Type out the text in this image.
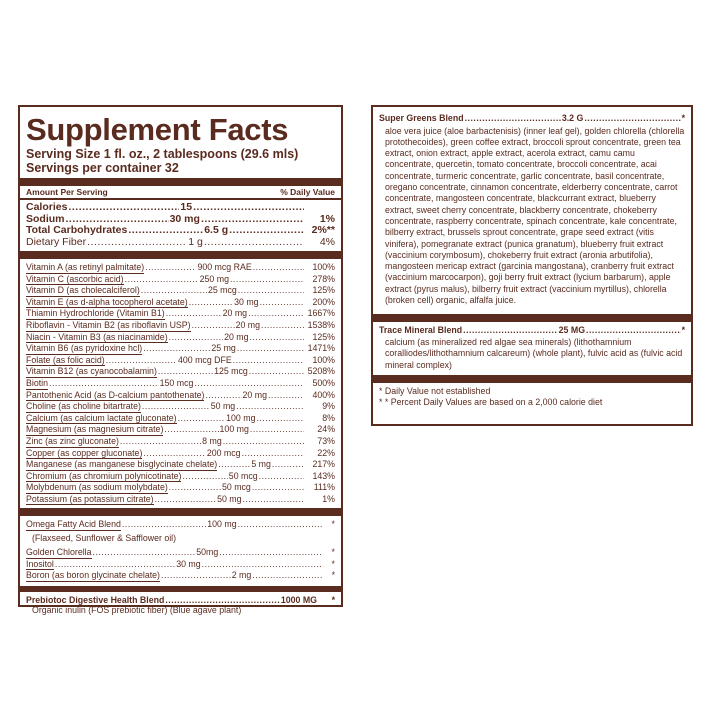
Supplement Facts
Serving Size 1 fl. oz., 2 tablespoons (29.6 mls)
Servings per container 32
Amount Per Serving	% Daily Value
Calories .....	15
.....
Sodium .....	30 mg .....	1%
Total Carbohydrates .....	6.5 g .....	2%**
Dietary Fiber .....	1 g .....	4%
Vitamin A (as retinyl palmitate) .....	900 mcg RAE .....	100%
Vitamin C (ascorbic acid) .....	250 mg .....	278%
Vitamin D (as cholecalciferol) .....	25 mcg .....	125%
Vitamin E (as d-alpha tocopherol acetate) .....	30 mg .....	200%
Thiamin Hydrochloride (Vitamin B1) .....	20 mg .....	1667%
Riboflavin - Vitamin B2 (as riboflavin USP) .....	20 mg .....	1538%
Niacin - Vitamin B3 (as niacinamide) .....	20 mg .....	125%
Vitamin B6 (as pyridoxine hcl) .....	25 mg .....	1471%
Folate (as folic acid) .....	400 mcg DFE .....	100%
Vitamin B12 (as cyanocobalamin) .....	125 mcg .....	5208%
Biotin .....	150 mcg .....	500%
Pantothenic Acid (as D-calcium pantothenate) .....	20 mg .....	400%
Choline (as choline bitartrate) .....	50 mg .....	9%
Calcium (as calcium lactate gluconate) .....	100 mg .....	8%
Magnesium (as magnesium citrate) .....	100 mg .....	24%
Zinc (as zinc gluconate) .....	8 mg .....	73%
Copper (as copper gluconate) .....	200 mcg .....	22%
Manganese (as manganese bisglycinate chelate) .....	5 mg .....	217%
Chromium (as chromium polynicotinate) .....	50 mcg .....	143%
Molybdenum (as sodium molybdate) .....	50 mcg .....	111%
Potassium (as potassium citrate) .....	50 mg .....	1%
Omega Fatty Acid Blend .....	100 mg .....	*
(Flaxseed, Sunflower & Safflower oil)
Golden Chlorella .....	50mg .....	*
Inositol .....	30 mg .....	*
Boron (as boron glycinate chelate) .....	2 mg .....	*
Prebiotoc Digestive Health Blend .....	1000 MG	*
Organic inulin (FOS prebiotic fiber) (Blue agave plant)
Super Greens Blend .....	3.2 G .....	*
aloe vera juice (aloe barbactenisis) (inner leaf gel), golden chlorella (chlorella protothecoides), green coffee extract, broccoli sprout concentrate, green tea extract, onion extract, apple extract, acerola extract, camu camu concentrate, quercetin, tomato concentrate, broccoli concentrate, acai concentrate, turmeric concentrate, garlic concentrate, basil concentrate, oregano concentrate, cinnamon concentrate, elderberry concentrate, carrot concentrate, mangosteen concentrate, blackcurrant extract, blueberry extract, sweet cherry concentrate, blackberry concentrate, chokeberry concentrate, raspberry concentrate, spinach concentrate, kale concentrate, bilberry extract, brussels sprout concentrate, grape seed extract (vitis vinifera), pomegranate extract (punica granatum), blueberry fruit extract (vaccinium corymbosum), chokeberry fruit extract (aronia arbutifolia), mangosteen mericap extract (garcinia mangostana), cranberry fruit extract (vaccinium marcocarpon), goji berry fruit extract (lycium barbarum), apple extract (pyrus malus), bilberry fruit extract (vaccinium myrtillus), chlorella (broken cell) organic, alfalfa juice.
Trace Mineral Blend .....	25 MG .....	*
calcium (as mineralized red algae sea minerals) (lithothamnium coralliodes/lithothamnium calcareum) (whole plant), fulvic acid as (fulvic acid mineral complex)
* Daily Value not established
* * Percent Daily Values are based on a 2,000 calorie diet
